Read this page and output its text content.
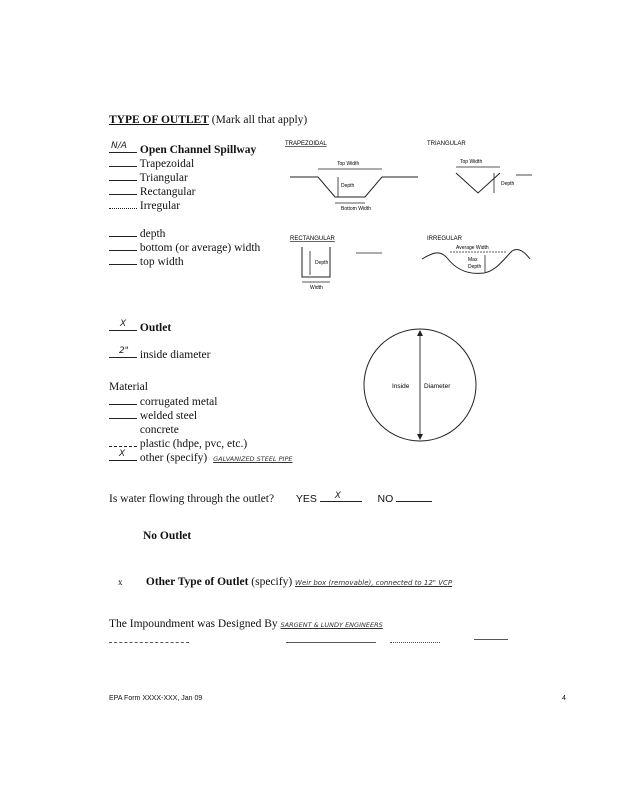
TYPE OF OUTLET (Mark all that apply)
N/A Open Channel Spillway
Trapezoidal
Triangular
Rectangular
Irregular
depth
bottom (or average) width
top width
TRAPEZOIDAL
Top Width
Depth
Bottom Width
TRIANGULAR
Top Width
Depth
RECTANGULAR
Depth
Width
IRREGULAR
Average Width
Max
Depth
X Outlet
2" inside diameter
Inside Diameter
Material
corrugated metal
welded steel
concrete
plastic (hdpe, pvc, etc.)
X other (specify) GALVANIZED STEEL PIPE
Is water flowing through the outlet? YES X	NO
No Outlet
x Other Type of Outlet (specify) Weir box (removable), connected to 12" VCP
The Impoundment was Designed By SARGENT & LUNDY ENGINEERS
EPA Form XXXX-XXX, Jan 09	4
